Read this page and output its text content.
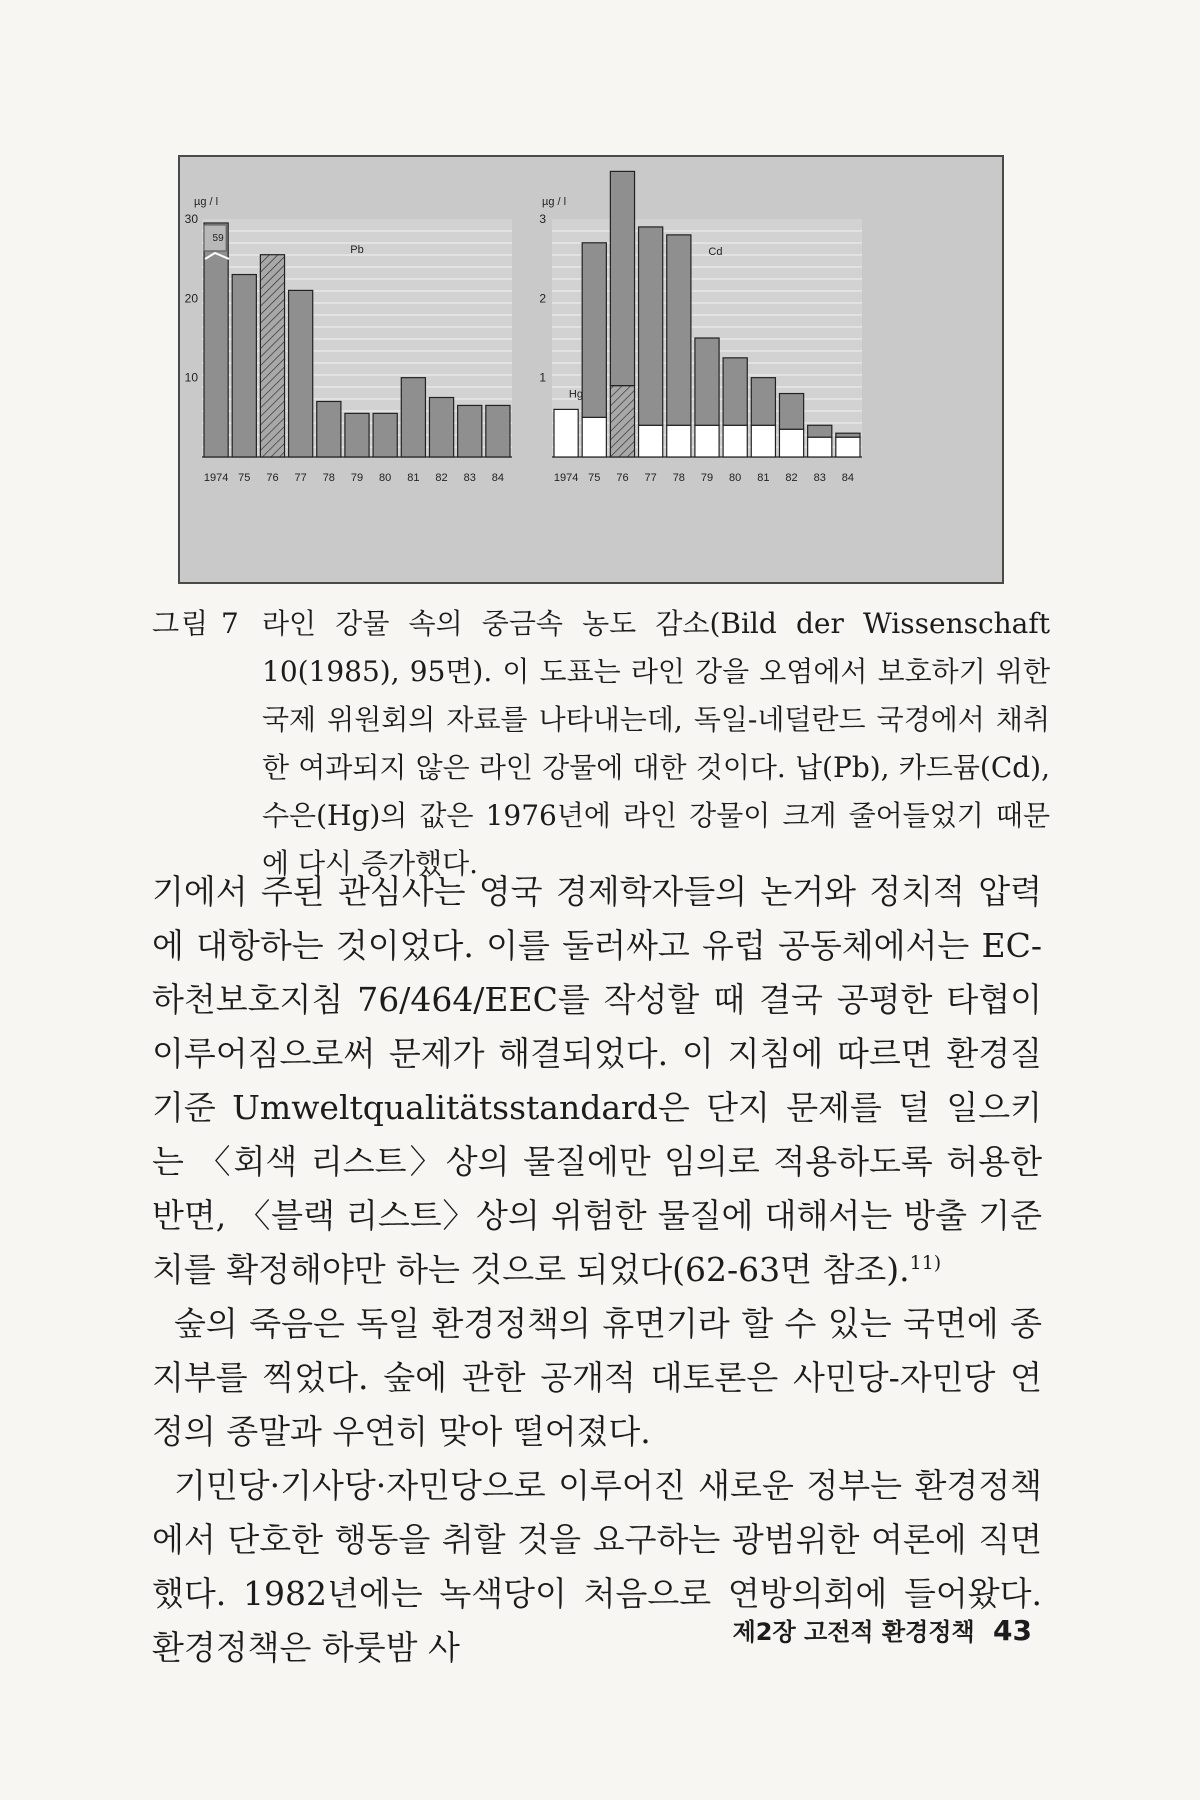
59
10
20
30
µg / l
Pb
1974 75 76 77 78 79 80 81 82 83 84
1
2
3
µg / l
Cd
Hg
1974 75 76 77 78 79 80 81 82 83 84
그림 7 라인 강물 속의 중금속 농도 감소(Bild der Wissenschaft 10(1985), 95면). 이 도표는 라인 강을 오염에서 보호하기 위한 국제 위원회의 자료를 나타내는데, 독일-네덜란드 국경에서 채취한 여과되지 않은 라인 강물에 대한 것이다. 납(Pb), 카드뮴(Cd), 수은(Hg)의 값은 1976년에 라인 강물이 크게 줄어들었기 때문에 다시 증가했다.

기에서 주된 관심사는 영국 경제학자들의 논거와 정치적 압력에 대항하는 것이었다. 이를 둘러싸고 유럽 공동체에서는 EC-하천보호지침 76/464/EEC를 작성할 때 결국 공평한 타협이 이루어짐으로써 문제가 해결되었다. 이 지침에 따르면 환경질 기준 Umweltqualitätsstandard은 단지 문제를 덜 일으키는 〈회색 리스트〉상의 물질에만 임의로 적용하도록 허용한 반면, 〈블랙 리스트〉상의 위험한 물질에 대해서는 방출 기준치를 확정해야만 하는 것으로 되었다(62-63면 참조).$^{11)}$

숲의 죽음은 독일 환경정책의 휴면기라 할 수 있는 국면에 종지부를 찍었다. 숲에 관한 공개적 대토론은 사민당-자민당 연정의 종말과 우연히 맞아 떨어졌다.

기민당·기사당·자민당으로 이루어진 새로운 정부는 환경정책에서 단호한 행동을 취할 것을 요구하는 광범위한 여론에 직면했다. 1982년에는 녹색당이 처음으로 연방의회에 들어왔다. 환경정책은 하룻밤 사	제2장 고전적 환경정책 43
